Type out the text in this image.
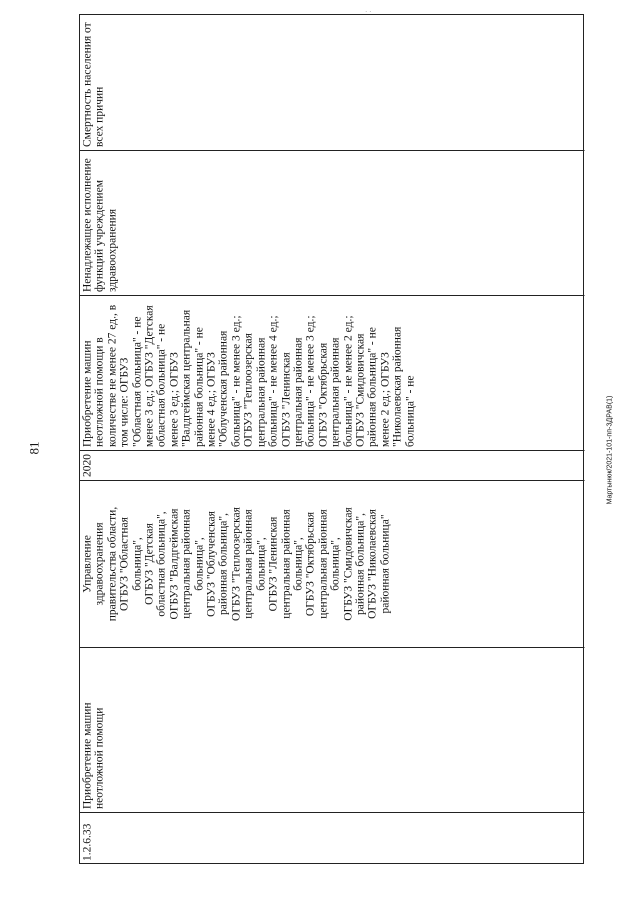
81
· ·
Мартынюк/2021-101-пп-ЗДРАВ(1)
1.2.6.33
Приобретение машин неотложной помощи
Управление здравоохранения правительства области, ОГБУЗ "Областная больница", ОГБУЗ "Детская областная больница", ОГБУЗ "Валдгеймская центральная районная больница", ОГБУЗ "Облученская районная больница", ОГБУЗ "Теплоозерская центральная районная больница", ОГБУЗ "Ленинская центральная районная больница", ОГБУЗ "Октябрьская центральная районная больница", ОГБУЗ "Смидовичская районная больница", ОГБУЗ "Николаевская районная больница"
2020
Приобретение машин неотложной помощи в количестве не менее 27 ед., в том числе: ОГБУЗ "Областная больница" - не менее 3 ед.; ОГБУЗ "Детская областная больница" - не менее 3 ед.; ОГБУЗ "Валдгеймская центральная районная больница" - не менее 4 ед.; ОГБУЗ "Облученская районная больница" - не менее 3 ед.; ОГБУЗ "Теплоозерская центральная районная больница" - не менее 4 ед.; ОГБУЗ "Ленинская центральная районная больница" - не менее 3 ед.; ОГБУЗ "Октябрьская центральная районная больница" - не менее 2 ед.; ОГБУЗ "Смидовичская районная больница" - не менее 2 ед.; ОГБУЗ "Николаевская районная больница" - не
Ненадлежащее исполнение функций учреждением здравоохранения
Смертность населения от всех причин
